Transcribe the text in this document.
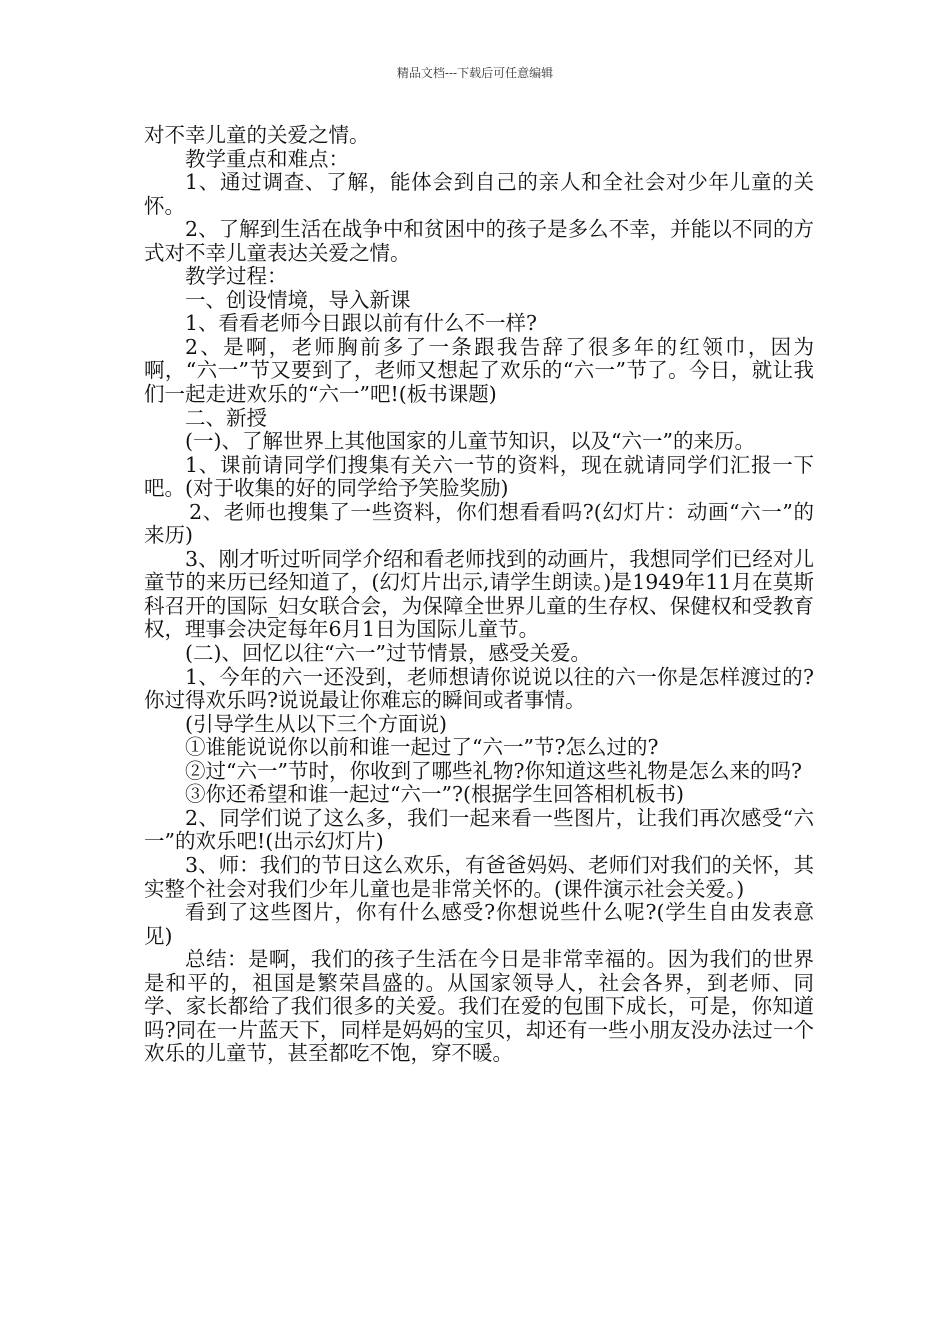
精品文档---下载后可任意编辑

对不幸儿童的关爱之情。

教学重点和难点：

1、通过调查、了解，能体会到自己的亲人和全社会对少年儿童的关怀。

2、了解到生活在战争中和贫困中的孩子是多么不幸，并能以不同的方式对不幸儿童表达关爱之情。

教学过程：

一、创设情境，导入新课

1、看看老师今日跟以前有什么不一样?

2、是啊，老师胸前多了一条跟我告辞了很多年的红领巾，因为啊，“六一”节又要到了，老师又想起了欢乐的“六一”节了。今日，就让我们一起走进欢乐的“六一”吧!(板书课题)

二、新授

(一)、了解世界上其他国家的儿童节知识，以及“六一”的来历。

1、课前请同学们搜集有关六一节的资料，现在就请同学们汇报一下吧。(对于收集的好的同学给予笑脸奖励)

2、老师也搜集了一些资料，你们想看看吗?(幻灯片：动画“六一”的来历)

3、刚才听过听同学介绍和看老师找到的动画片，我想同学们已经对儿童节的来历已经知道了，(幻灯片出示,请学生朗读。)是1949年11月在莫斯科召开的国际_妇女联合会，为保障全世界儿童的生存权、保健权和受教育权，理事会决定每年6月1日为国际儿童节。

(二)、回忆以往“六一”过节情景，感受关爱。

1、今年的六一还没到，老师想请你说说以往的六一你是怎样渡过的?你过得欢乐吗?说说最让你难忘的瞬间或者事情。

(引导学生从以下三个方面说)

①谁能说说你以前和谁一起过了“六一”节?怎么过的?

②过“六一”节时，你收到了哪些礼物?你知道这些礼物是怎么来的吗?

③你还希望和谁一起过“六一”?(根据学生回答相机板书)

2、同学们说了这么多，我们一起来看一些图片，让我们再次感受“六一”的欢乐吧!(出示幻灯片)

3、师：我们的节日这么欢乐，有爸爸妈妈、老师们对我们的关怀，其实整个社会对我们少年儿童也是非常关怀的。(课件演示社会关爱。)

看到了这些图片，你有什么感受?你想说些什么呢?(学生自由发表意见)

总结：是啊，我们的孩子生活在今日是非常幸福的。因为我们的世界是和平的，祖国是繁荣昌盛的。从国家领导人，社会各界，到老师、同学、家长都给了我们很多的关爱。我们在爱的包围下成长，可是，你知道吗?同在一片蓝天下，同样是妈妈的宝贝，却还有一些小朋友没办法过一个欢乐的儿童节，甚至都吃不饱，穿不暖。
